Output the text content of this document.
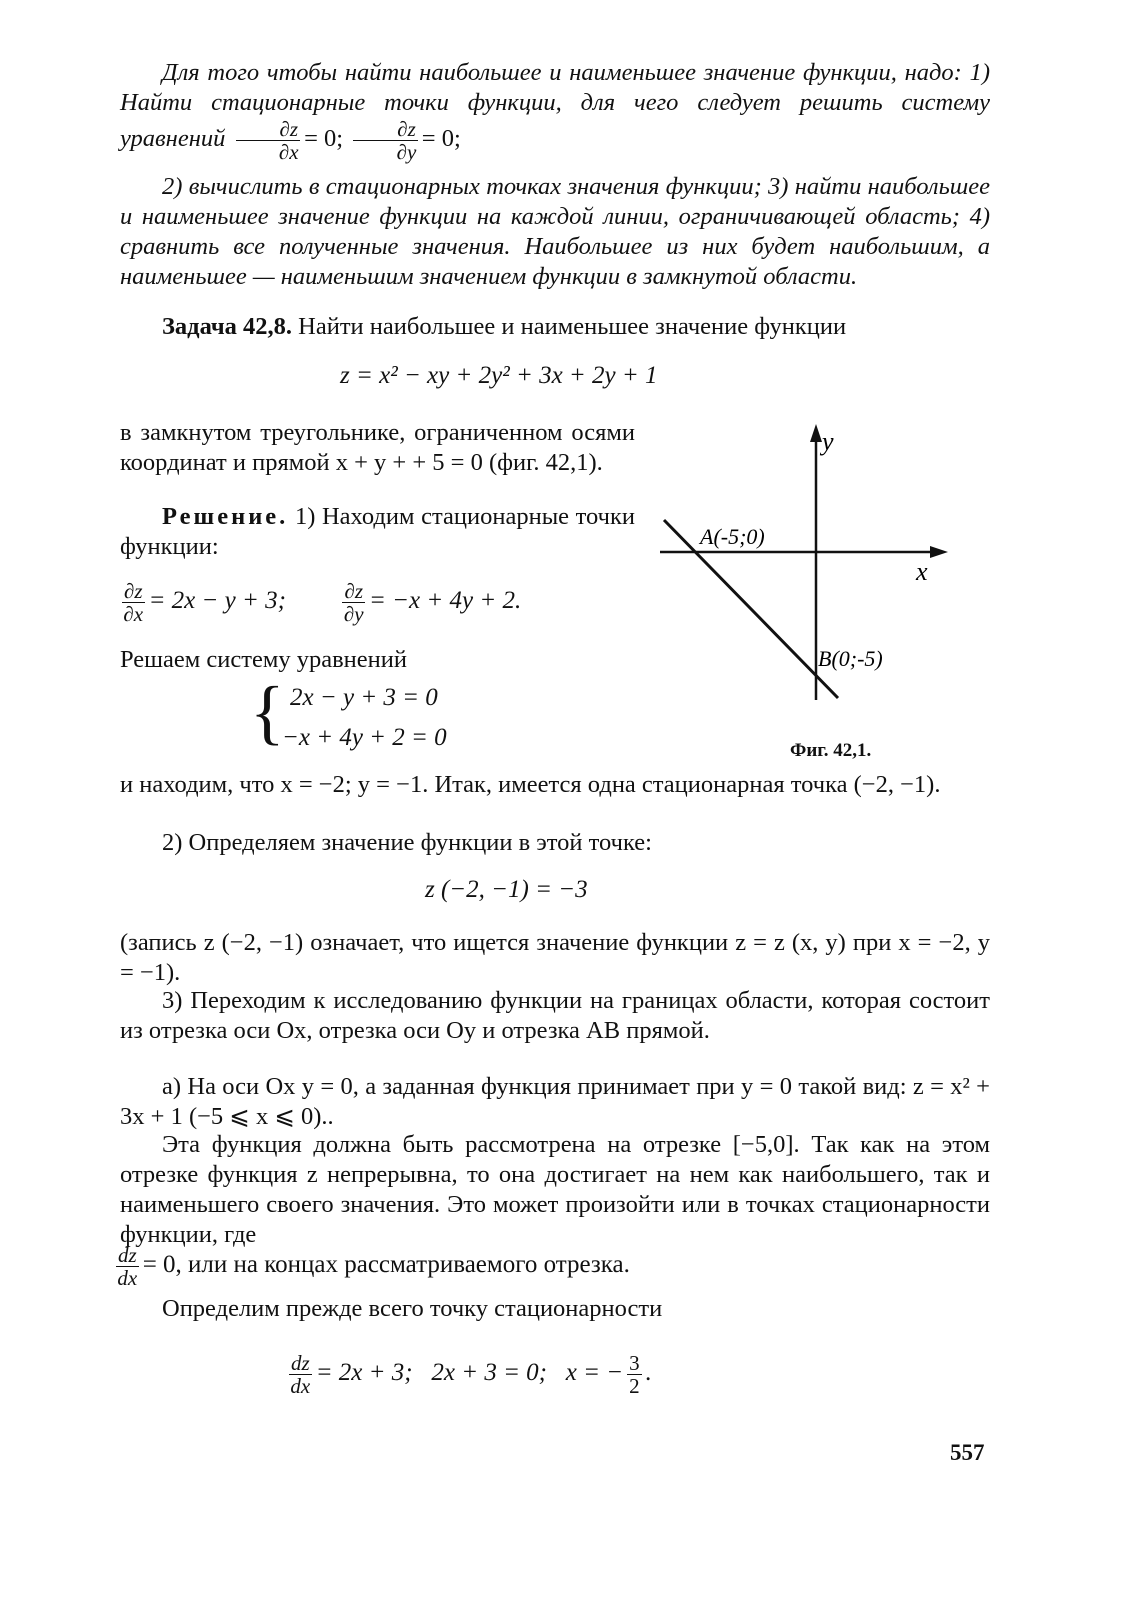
Для того чтобы найти наибольшее и наименьшее значение функции, надо: 1) Найти стационарные точки функции, для чего следует решить систему уравнений $\frac{\partial z}{\partial x} = 0$; $\frac{\partial z}{\partial y} = 0$;

2) вычислить в стационарных точках значения функции; 3) найти наибольшее и наименьшее значение функции на каждой линии, ограничивающей область; 4) сравнить все полученные значения. Наибольшее из них будет наибольшим, а наименьшее — наименьшим значением функции в замкнутой области.

Задача 42,8. Найти наибольшее и наименьшее значение функции

z = x² − xy + 2y² + 3x + 2y + 1

в замкнутом треугольнике, ограниченном осями координат и прямой x + y + + 5 = 0 (фиг. 42,1).

Решение. 1) Находим стационарные точки функции:

$\frac{\partial z}{\partial x} = 2x - y + 3$;	$\frac{\partial z}{\partial y} = -x + 4y + 2$.

Решаем систему уравнений

{ 2x − y + 3 = 0
−x + 4y + 2 = 0
y
x
A(-5;0)
B(0;-5)
Фиг. 42,1.

и находим, что x = −2; y = −1. Итак, имеется одна стационарная точка (−2, −1).

2) Определяем значение функции в этой точке:

z (−2, −1) = −3

(запись z (−2, −1) означает, что ищется значение функции z = z (x, y) при x = −2, y = −1).

3) Переходим к исследованию функции на границах области, которая состоит из отрезка оси Ox, отрезка оси Oy и отрезка AB прямой.

а) На оси Ox y = 0, а заданная функция принимает при y = 0 такой вид: z = x² + 3x + 1 (−5 ⩽ x ⩽ 0)..

Эта функция должна быть рассмотрена на отрезке [−5,0]. Так как на этом отрезке функция z непрерывна, то она достигает на нем как наибольшего, так и наименьшего своего значения. Это может произойти или в точках стационарности функции, где

$\frac{dz}{dx} = 0$, или на концах рассматриваемого отрезка.

Определим прежде всего точку стационарности

$\frac{dz}{dx} = 2x + 3$;   2x + 3 = 0;   x = − $\frac{3}{2}$ .
557
